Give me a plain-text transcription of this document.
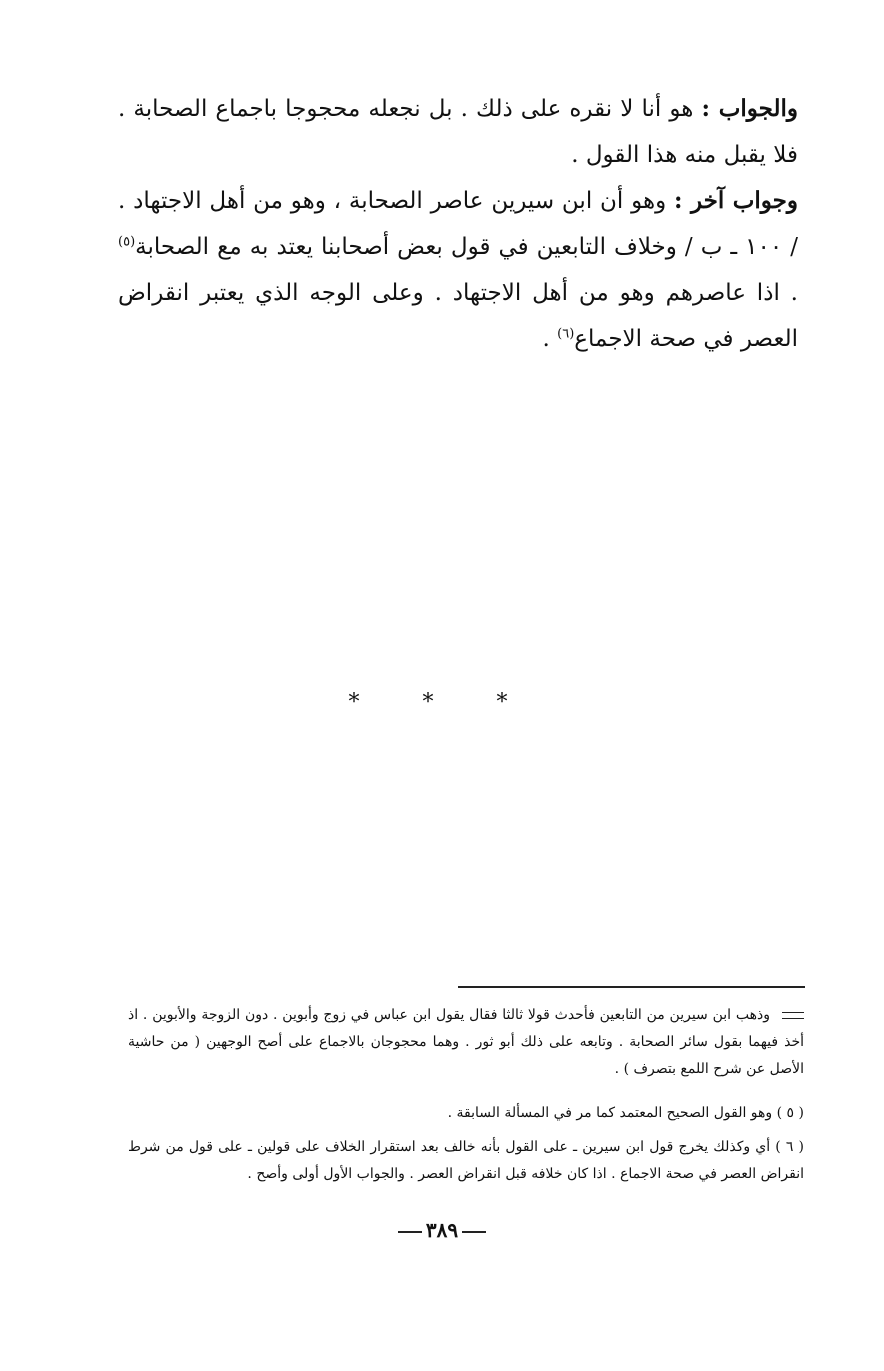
والجواب : هو أنا لا نقره على ذلك . بل نجعله محجوجا باجماع الصحابة . فلا يقبل منه هذا القول .
وجواب آخر : وهو أن ابن سيرين عاصر الصحابة ، وهو من أهل الاجتهاد . / ١٠٠ ـ ب / وخلاف التابعين في قول بعض أصحابنا يعتد به مع الصحابة$^{(٥)}$ . اذا عاصرهم وهو من أهل الاجتهاد . وعلى الوجه الذي يعتبر انقراض العصر في صحة الاجماع$^{(٦)}$ .
* * *
وذهب ابن سيرين من التابعين فأحدث قولا ثالثا فقال يقول ابن عباس في زوج وأبوين . دون الزوجة والأبوين . اذ أخذ فيهما بقول سائر الصحابة . وتابعه على ذلك أبو ثور . وهما محجوجان بالاجماع على أصح الوجهين ( من حاشية الأصل عن شرح اللمع بتصرف ) .
( ٥ ) وهو القول الصحيح المعتمد كما مر في المسألة السابقة .
( ٦ ) أي وكذلك يخرج قول ابن سيرين ـ على القول بأنه خالف بعد استقرار الخلاف على قولين ـ على قول من شرط انقراض العصر في صحة الاجماع . اذا كان خلافه قبل انقراض العصر . والجواب الأول أولى وأصح .
٣٨٩
